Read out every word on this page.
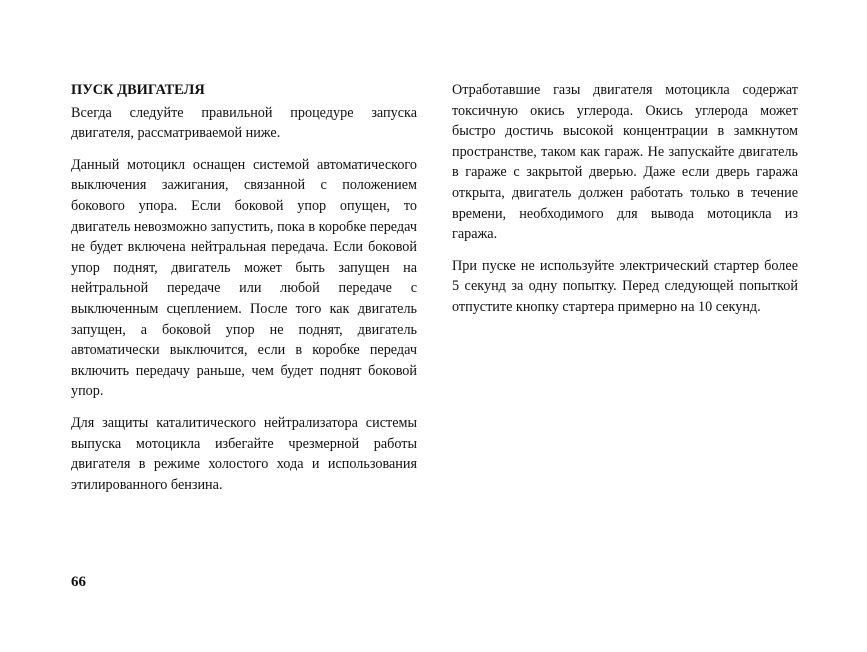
ПУСК ДВИГАТЕЛЯ

Всегда следуйте правильной процедуре запуска двигателя, рассматриваемой ниже.

Данный мотоцикл оснащен системой автоматического выключения зажигания, связанной с положением бокового упора. Если боковой упор опущен, то двигатель невозможно запустить, пока в коробке передач не будет включена нейтральная передача. Если боковой упор поднят, двигатель может быть запущен на нейтральной передаче или любой передаче с выключенным сцеплением. После того как двигатель запущен, а боковой упор не поднят, двигатель автоматически выключится, если в коробке передач включить передачу раньше, чем будет поднят боковой упор.

Для защиты каталитического нейтрализатора системы выпуска мотоцикла избегайте чрезмерной работы двигателя в режиме холостого хода и использования этилированного бензина.

Отработавшие газы двигателя мотоцикла содержат токсичную окись углерода. Окись углерода может быстро достичь высокой концентрации в замкнутом пространстве, таком как гараж. Не запускайте двигатель в гараже с закрытой дверью. Даже если дверь гаража открыта, двигатель должен работать только в течение времени, необходимого для вывода мотоцикла из гаража.

При пуске не используйте электрический стартер более 5 секунд за одну попытку. Перед следующей попыткой отпустите кнопку стартера примерно на 10 секунд.

66
